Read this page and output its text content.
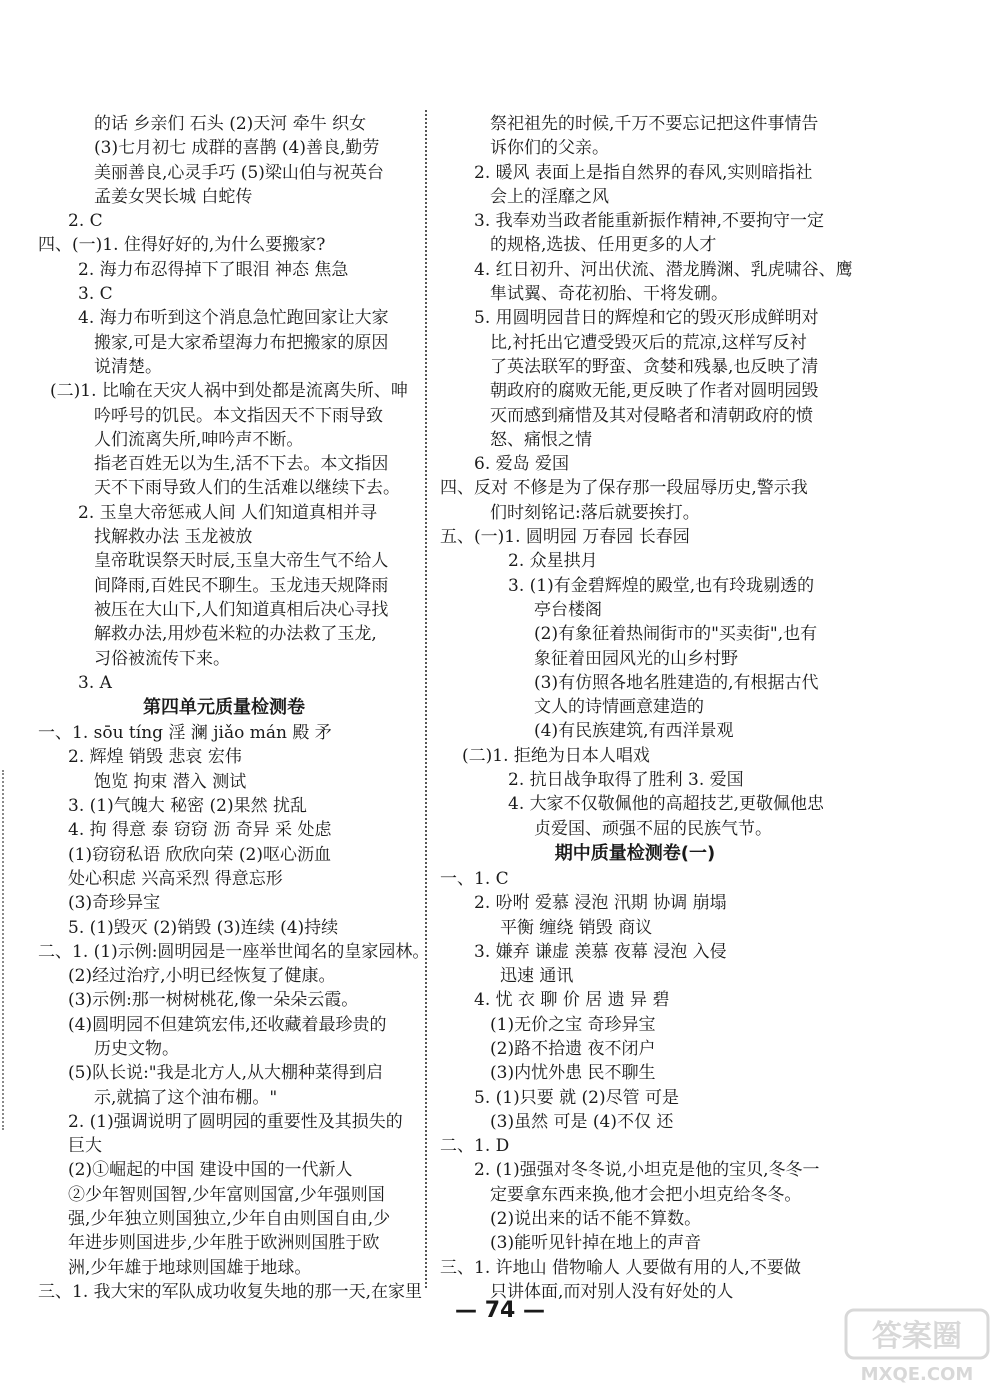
的话 乡亲们 石头 (2)天河 牵牛 织女
(3)七月初七 成群的喜鹊 (4)善良,勤劳
美丽善良,心灵手巧 (5)梁山伯与祝英台
孟姜女哭长城 白蛇传
2. C
四、(一)1. 住得好好的,为什么要搬家?
2. 海力布忍得掉下了眼泪 神态 焦急
3. C
4. 海力布听到这个消息急忙跑回家让大家
搬家,可是大家希望海力布把搬家的原因
说清楚。
(二)1. 比喻在天灾人祸中到处都是流离失所、呻
吟呼号的饥民。本文指因天不下雨导致
人们流离失所,呻吟声不断。
指老百姓无以为生,活不下去。本文指因
天不下雨导致人们的生活难以继续下去。
2. 玉皇大帝惩戒人间 人们知道真相并寻
找解救办法 玉龙被放
皇帝耽误祭天时辰,玉皇大帝生气不给人
间降雨,百姓民不聊生。玉龙违天规降雨
被压在大山下,人们知道真相后决心寻找
解救办法,用炒苞米粒的办法救了玉龙,
习俗被流传下来。
3. A
第四单元质量检测卷
一、1. sōu tíng 淫 澜 jiǎo mán 殿 矛
2. 辉煌 销毁 悲哀 宏伟
饱览 拘束 潜入 测试
3. (1)气魄大 秘密 (2)果然 扰乱
4. 拘 得意 泰 窃窃 沥 奇异 采 处虑
(1)窃窃私语 欣欣向荣 (2)呕心沥血
处心积虑 兴高采烈 得意忘形
(3)奇珍异宝
5. (1)毁灭 (2)销毁 (3)连续 (4)持续
二、1. (1)示例:圆明园是一座举世闻名的皇家园林。
(2)经过治疗,小明已经恢复了健康。
(3)示例:那一树树桃花,像一朵朵云霞。
(4)圆明园不但建筑宏伟,还收藏着最珍贵的
历史文物。
(5)队长说:"我是北方人,从大棚种菜得到启
示,就搞了这个油布棚。"
2. (1)强调说明了圆明园的重要性及其损失的
巨大
(2)①崛起的中国 建设中国的一代新人
②少年智则国智,少年富则国富,少年强则国
强,少年独立则国独立,少年自由则国自由,少
年进步则国进步,少年胜于欧洲则国胜于欧
洲,少年雄于地球则国雄于地球。
三、1. 我大宋的军队成功收复失地的那一天,在家里
祭祀祖先的时候,千万不要忘记把这件事情告
诉你们的父亲。
2. 暖风 表面上是指自然界的春风,实则暗指社
会上的淫靡之风
3. 我奉劝当政者能重新振作精神,不要拘守一定
的规格,选拔、任用更多的人才
4. 红日初升、河出伏流、潜龙腾渊、乳虎啸谷、鹰
隼试翼、奇花初胎、干将发硎。
5. 用圆明园昔日的辉煌和它的毁灭形成鲜明对
比,衬托出它遭受毁灭后的荒凉,这样写反衬
了英法联军的野蛮、贪婪和残暴,也反映了清
朝政府的腐败无能,更反映了作者对圆明园毁
灭而感到痛惜及其对侵略者和清朝政府的愤
怒、痛恨之情
6. 爱岛 爱国
四、反对 不修是为了保存那一段屈辱历史,警示我
们时刻铭记:落后就要挨打。
五、(一)1. 圆明园 万春园 长春园
2. 众星拱月
3. (1)有金碧辉煌的殿堂,也有玲珑剔透的
亭台楼阁
(2)有象征着热闹街市的"买卖街",也有
象征着田园风光的山乡村野
(3)有仿照各地名胜建造的,有根据古代
文人的诗情画意建造的
(4)有民族建筑,有西洋景观
(二)1. 拒绝为日本人唱戏
2. 抗日战争取得了胜利 3. 爱国
4. 大家不仅敬佩他的高超技艺,更敬佩他忠
贞爱国、顽强不屈的民族气节。
期中质量检测卷(一)
一、1. C
2. 吩咐 爱慕 浸泡 汛期 协调 崩塌
平衡 缠绕 销毁 商议
3. 嫌弃 谦虚 羡慕 夜幕 浸泡 入侵
迅速 通讯
4. 忧 衣 聊 价 居 遗 异 碧
(1)无价之宝 奇珍异宝
(2)路不拾遗 夜不闭户
(3)内忧外患 民不聊生
5. (1)只要 就 (2)尽管 可是
(3)虽然 可是 (4)不仅 还
二、1. D
2. (1)强强对冬冬说,小坦克是他的宝贝,冬冬一
定要拿东西来换,他才会把小坦克给冬冬。
(2)说出来的话不能不算数。
(3)能听见针掉在地上的声音
三、1. 许地山 借物喻人 人要做有用的人,不要做
只讲体面,而对别人没有好处的人
— 74 —
答案圈
MXQE.COM
